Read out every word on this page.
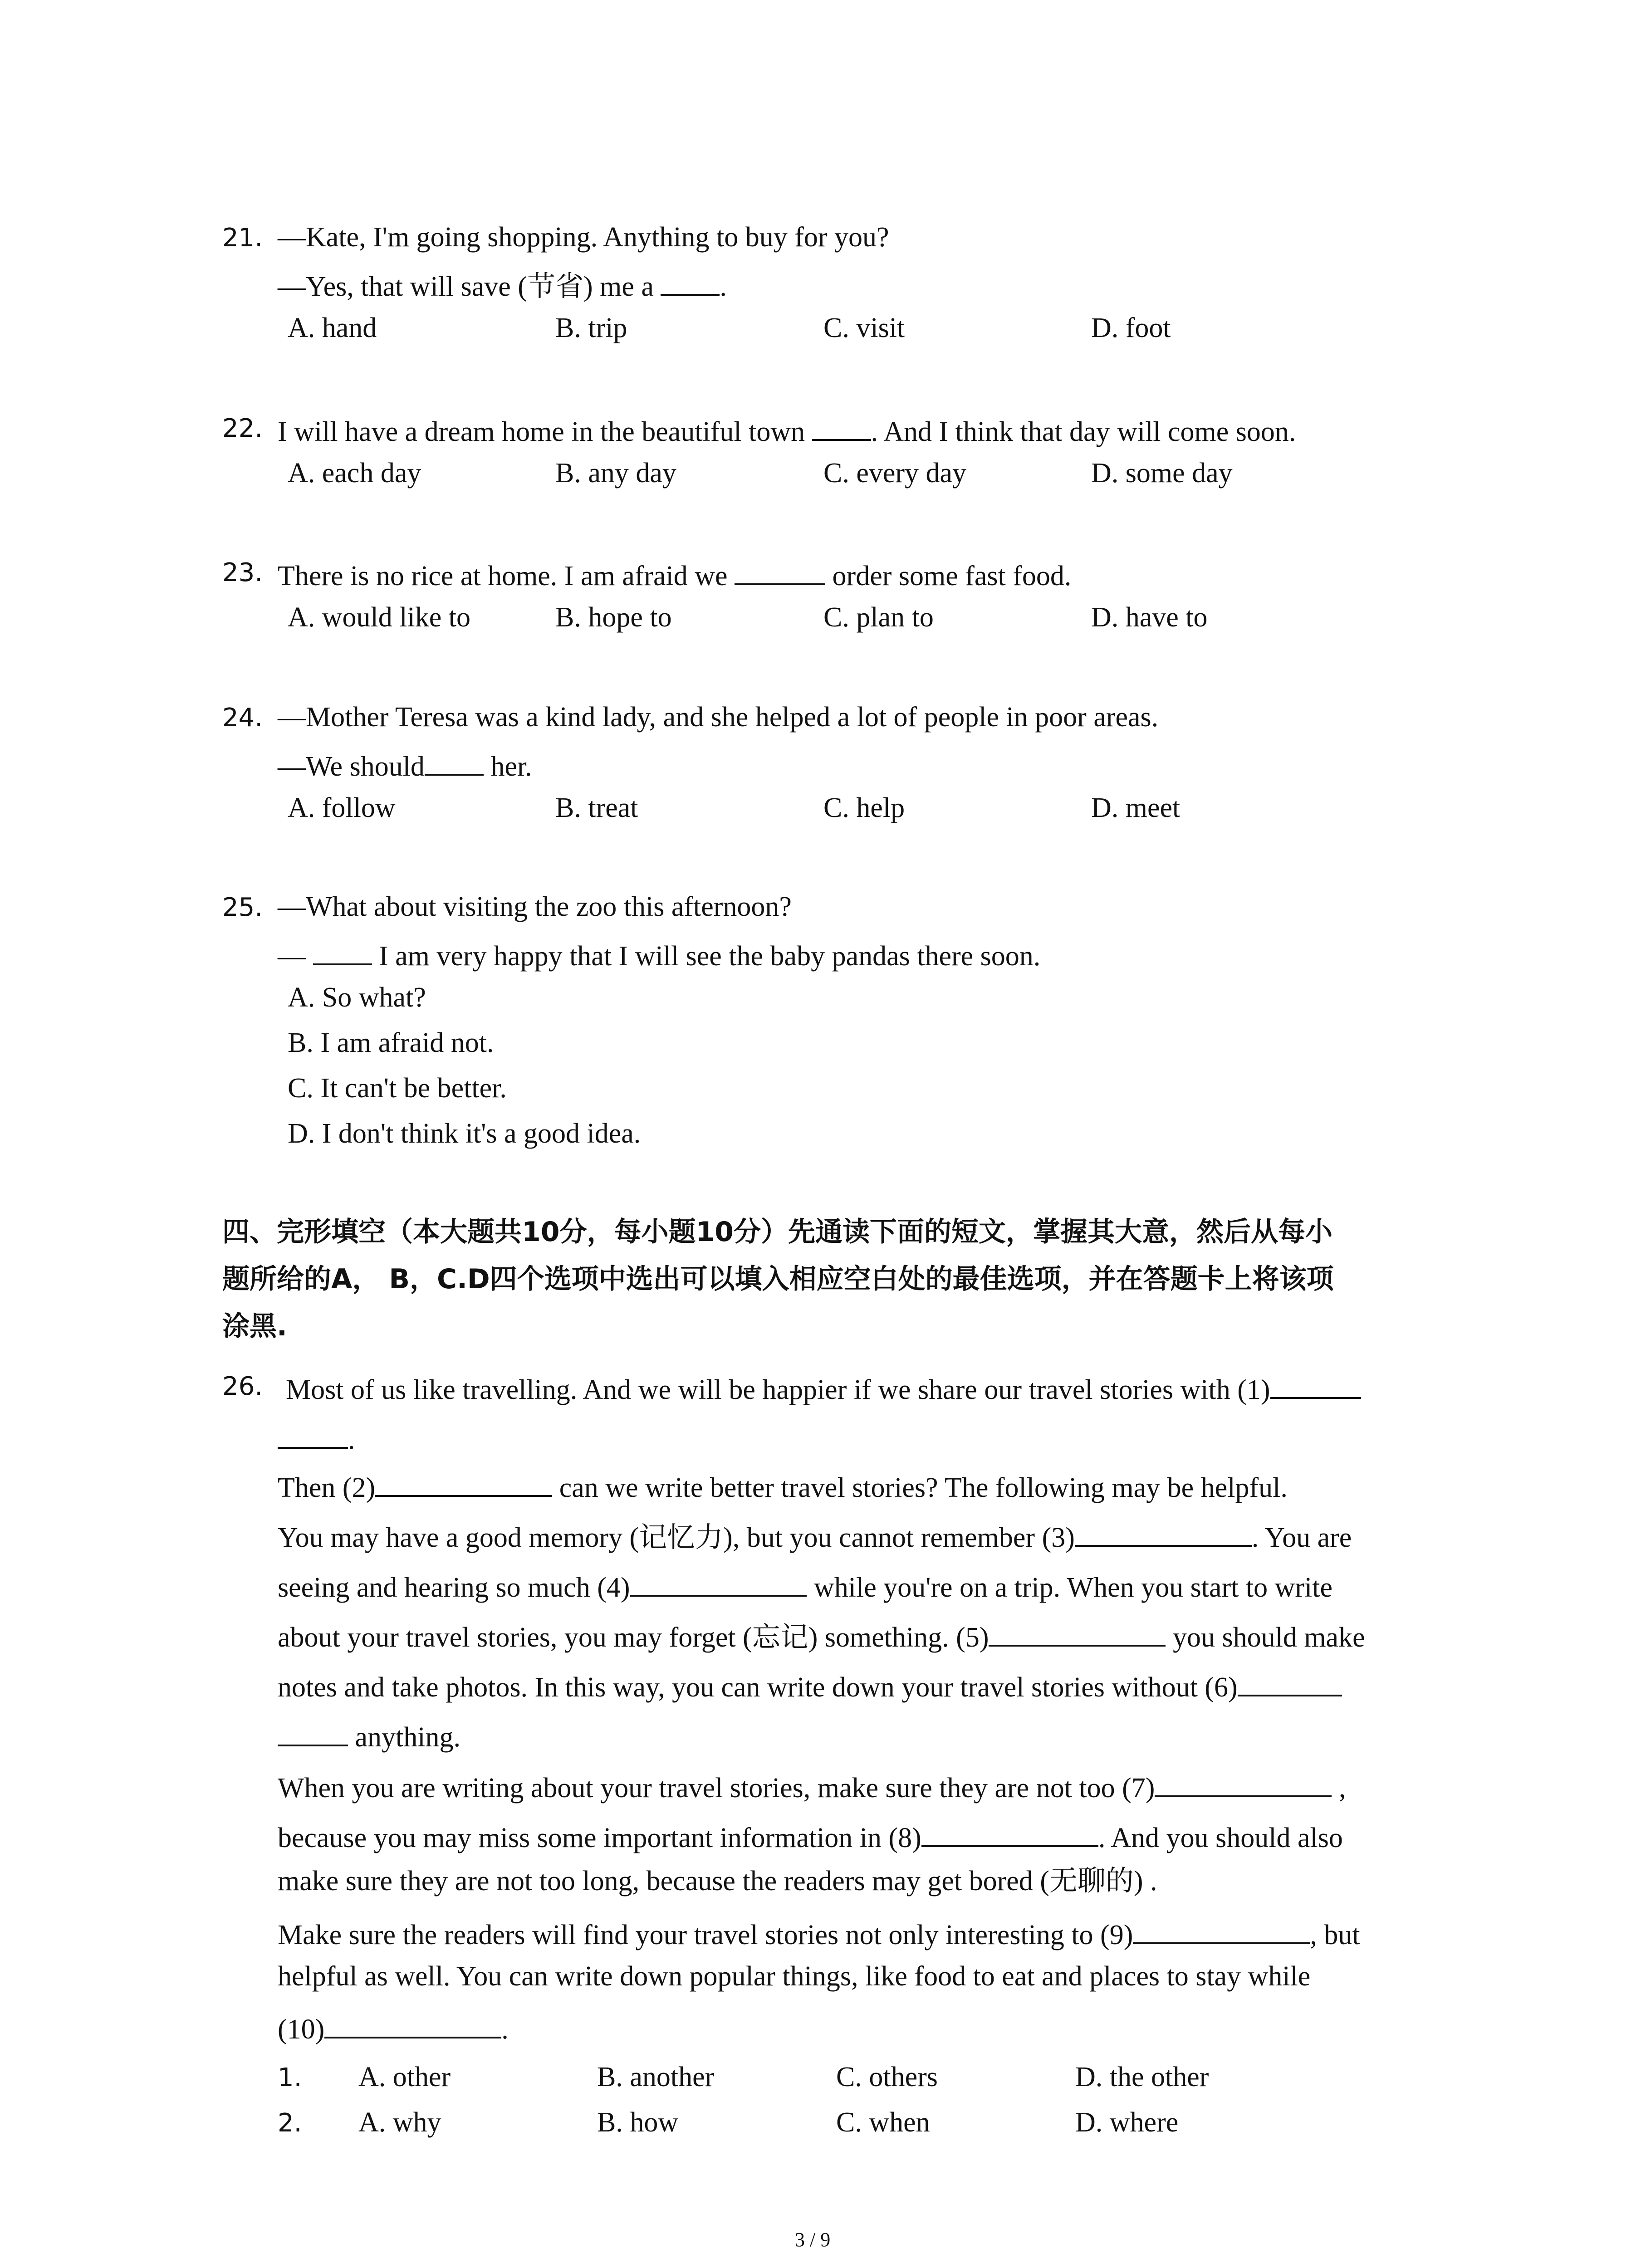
21. —Kate, I'm going shopping. Anything to buy for you?
—Yes, that will save (节省) me a .
A. hand	B. trip	C. visit	D. foot
22. I will have a dream home in the beautiful town . And I think that day will come soon.
A. each day	B. any day	C. every day	D. some day
23. There is no rice at home. I am afraid we	order some fast food.
A. would like to	B. hope to	C. plan to	D. have to
24. —Mother Teresa was a kind lady, and she helped a lot of people in poor areas.
—We should her.
A. follow	B. treat	C. help	D. meet
25. —What about visiting the zoo this afternoon?
—	I am very happy that I will see the baby pandas there soon.
A. So what?
B. I am afraid not.
C. It can't be better.
D. I don't think it's a good idea.
四、完形填空（本大题共10分，每小题10分）先通读下面的短文，掌握其大意，然后从每小
题所给的A， B，C.D四个选项中选出可以填入相应空白处的最佳选项，并在答题卡上将该项
涂黑.
26. Most of us like travelling. And we will be happier if we share our travel stories with (1)
.
Then (2)	can we write better travel stories? The following may be helpful.
You may have a good memory (记忆力), but you cannot remember (3)	. You are
seeing and hearing so much (4)	while you're on a trip. When you start to write
about your travel stories, you may forget (忘记) something. (5)	you should make
notes and take photos. In this way, you can write down your travel stories without (6)
anything.
When you are writing about your travel stories, make sure they are not too (7)	,
because you may miss some important information in (8)	. And you should also
make sure they are not too long, because the readers may get bored (无聊的) .
Make sure the readers will find your travel stories not only interesting to (9)	, but
helpful as well. You can write down popular things, like food to eat and places to stay while
(10)	.
1. A. other	B. another	C. others	D. the other
2. A. why	B. how	C. when	D. where
3 / 9
